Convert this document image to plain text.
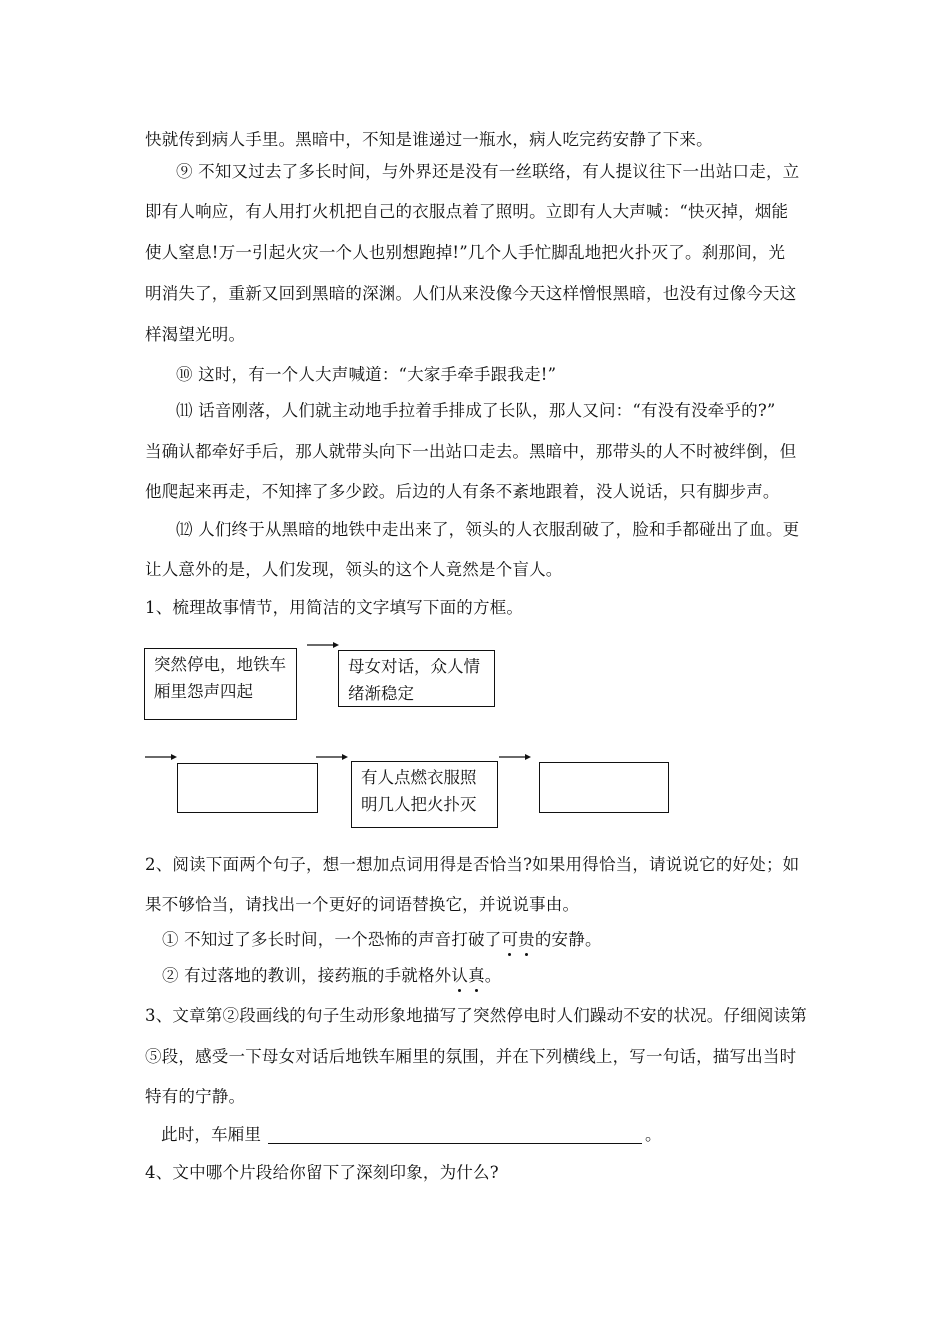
快就传到病人手里。黑暗中，不知是谁递过一瓶水，病人吃完药安静了下来。
⑨ 不知又过去了多长时间，与外界还是没有一丝联络，有人提议往下一出站口走，立
即有人响应，有人用打火机把自己的衣服点着了照明。立即有人大声喊：“快灭掉，烟能
使人窒息!万一引起火灾一个人也别想跑掉!”几个人手忙脚乱地把火扑灭了。刹那间，光
明消失了，重新又回到黑暗的深渊。人们从来没像今天这样憎恨黑暗，也没有过像今天这
样渴望光明。
⑩ 这时，有一个人大声喊道：“大家手牵手跟我走!”
⑾ 话音刚落，人们就主动地手拉着手排成了长队，那人又问：“有没有没牵乎的?”
当确认都牵好手后，那人就带头向下一出站口走去。黑暗中，那带头的人不时被绊倒，但
他爬起来再走，不知摔了多少跤。后边的人有条不紊地跟着，没人说话，只有脚步声。
⑿ 人们终于从黑暗的地铁中走出来了，领头的人衣服刮破了，脸和手都碰出了血。更
让人意外的是，人们发现，领头的这个人竟然是个盲人。
1、梳理故事情节，用简洁的文字填写下面的方框。
突然停电，地铁车厢里怨声四起
母女对话，众人情绪渐稳定
有人点燃衣服照明几人把火扑灭
2、阅读下面两个句子，想一想加点词用得是否恰当?如果用得恰当，请说说它的好处；如
果不够恰当，请找出一个更好的词语替换它，并说说事由。
① 不知过了多长时间，一个恐怖的声音打破了可贵的安静。
② 有过落地的教训，接药瓶的手就格外认真。
3、文章第②段画线的句子生动形象地描写了突然停电时人们躁动不安的状况。仔细阅读第
⑤段，感受一下母女对话后地铁车厢里的氛围，并在下列横线上，写一句话，描写出当时
特有的宁静。
此时，车厢里	。
4、文中哪个片段给你留下了深刻印象，为什么?
